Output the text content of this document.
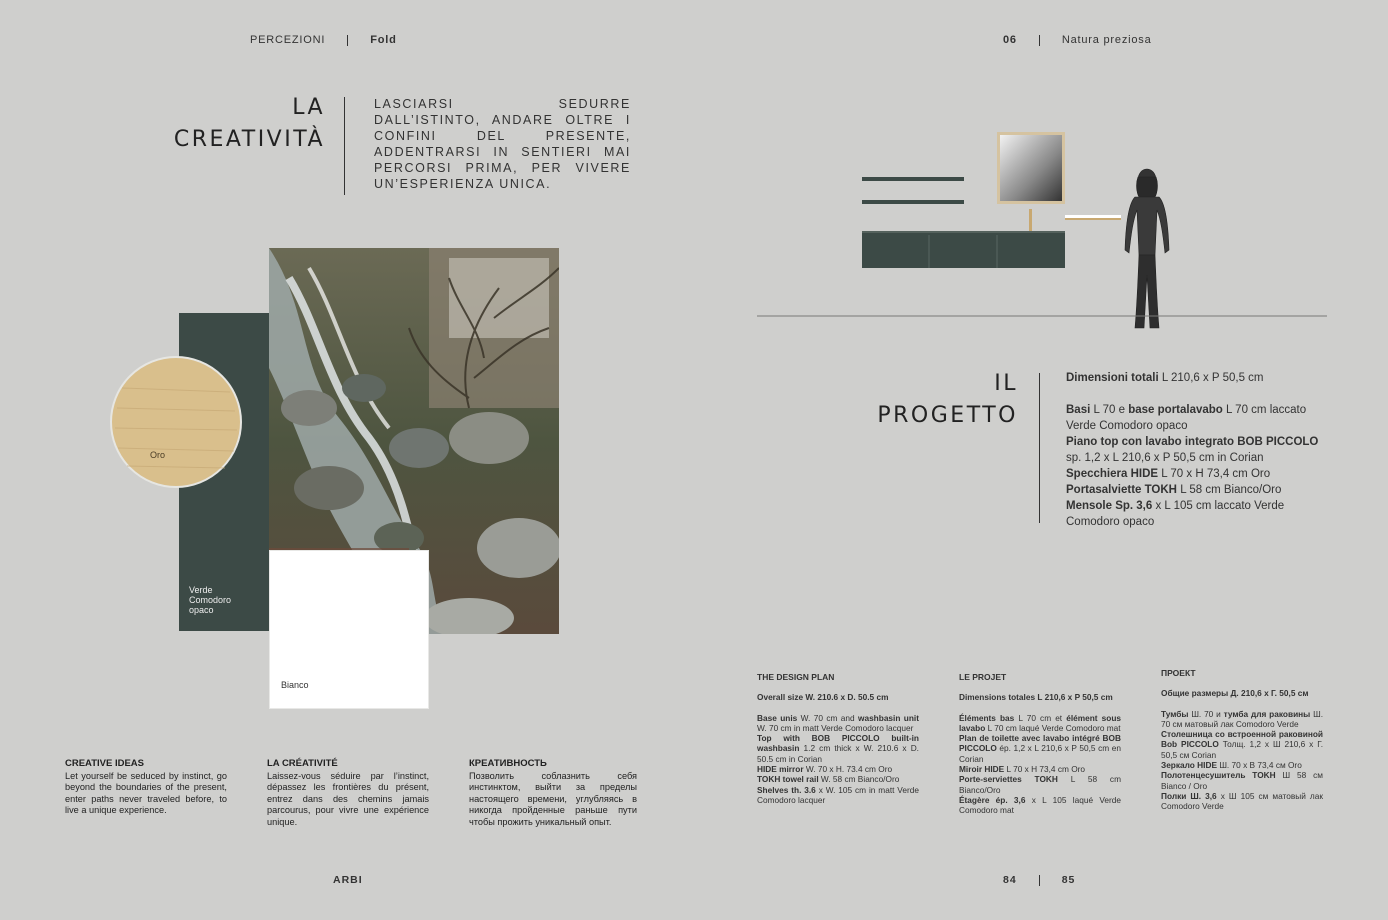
PERCEZIONI	Fold	06	Natura preziosa
LA
CREATIVITÀ
LASCIARSI SEDURRE DALL’ISTINTO, ANDARE OLTRE I CONFINI DEL PRESENTE, ADDENTRARSI IN SENTIERI MAI PERCORSI PRIMA, PER VIVERE UN’ESPERIENZA UNICA.
Verde
Comodoro
opaco
Oro
Bianco
CREATIVE IDEAS
Let yourself be seduced by instinct, go beyond the boundaries of the present, enter paths never traveled before, to live a unique experience.
LA CRÉATIVITÉ
Laissez-vous séduire par l’instinct, dépassez les frontières du présent, entrez dans des chemins jamais parcourus, pour vivre une expérience unique.
КРЕАТИВНОСТЬ
Позволить соблазнить себя инстинктом, выйти за пределы настоящего времени, углубляясь в никогда пройденные раньше пути чтобы прожить уникальный опыт.
IL
PROGETTO
Dimensioni totali L 210,6 x P 50,5 cm
Basi L 70 e base portalavabo L 70 cm laccato Verde Comodoro opaco
Piano top con lavabo integrato BOB PICCOLO sp. 1,2 x L 210,6 x P 50,5 cm in Corian
Specchiera HIDE L 70 x H 73,4 cm Oro
Portasalviette TOKH L 58 cm Bianco/Oro
Mensole Sp. 3,6 x L 105 cm laccato Verde Comodoro opaco
THE DESIGN PLAN
Overall size W. 210.6 x D. 50.5 cm
Base unis W. 70 cm and washbasin unit W. 70 cm in matt Verde Comodoro lacquer
Top with BOB PICCOLO built-in washbasin 1.2 cm thick x W. 210.6 x D. 50.5 cm in Corian
HIDE mirror W. 70 x H. 73.4 cm Oro
TOKH towel rail W. 58 cm Bianco/Oro
Shelves th. 3.6 x W. 105 cm in matt Verde Comodoro lacquer
LE PROJET
Dimensions totales L 210,6 x P 50,5 cm
Éléments bas L 70 cm et élément sous lavabo L 70 cm laqué Verde Comodoro mat
Plan de toilette avec lavabo intégré BOB PICCOLO ép. 1,2 x L 210,6 x P 50,5 cm en Corian
Miroir HIDE L 70 x H 73,4 cm Oro
Porte-serviettes TOKH L 58 cm Bianco/Oro
Étagère ép. 3,6 x L 105 laqué Verde Comodoro mat
ПРОЕКТ
Общие размеры Д. 210,6 х Г. 50,5 см
Тумбы Ш. 70 и тумба для раковины Ш. 70 см матовый лак Comodoro Verde
Столешница со встроенной раковиной Bob PICCOLO Толщ. 1,2 х Ш 210,6 х Г. 50,5 см Corian
Зеркало HIDE Ш. 70 х В 73,4 см Oro
Полотенцесушитель TOKH Ш 58 см Bianco / Oro
Полки Ш. 3,6 х Ш 105 см матовый лак Comodoro Verde
ARBI	84	85
